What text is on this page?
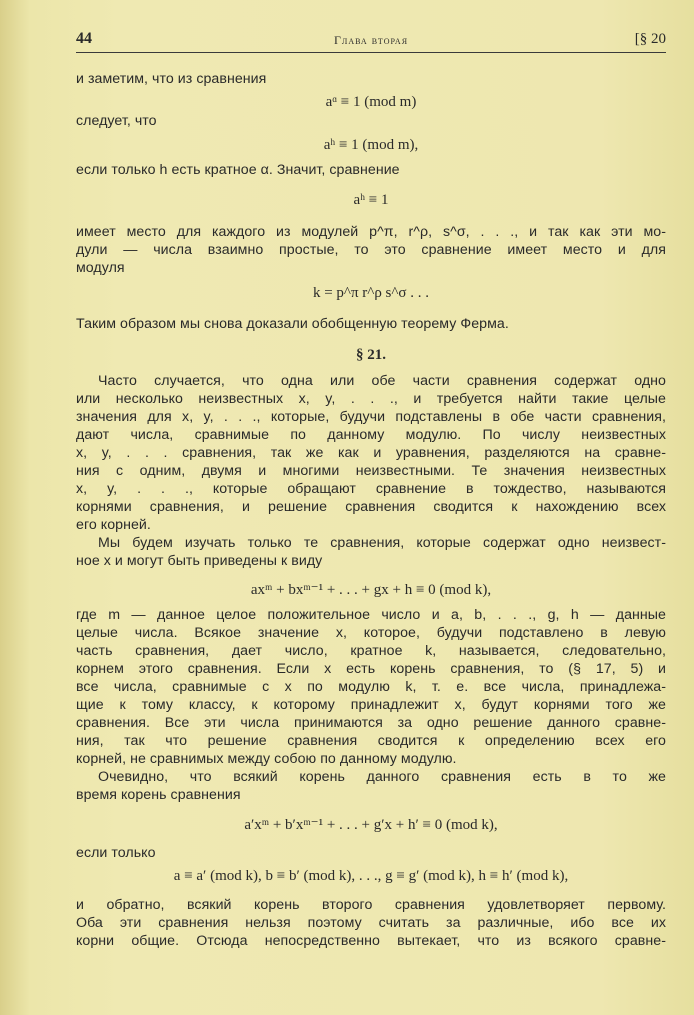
44	Глава вторая	[§ 20
и заметим, что из сравнения
aᵅ ≡ 1 (mod m)
следует, что
aʰ ≡ 1 (mod m),
если только h есть кратное α. Значит, сравнение
aʰ ≡ 1
имеет место для каждого из модулей p^π, r^ρ, s^σ, . . ., и так как эти мо-
дули — числа взаимно простые, то это сравнение имеет место и для
модуля
k = p^π r^ρ s^σ . . .
Таким образом мы снова доказали обобщенную теорему Ферма.
§ 21.
Часто случается, что одна или обе части сравнения содержат одно
или несколько неизвестных x, y, . . ., и требуется найти такие целые
значения для x, y, . . ., которые, будучи подставлены в обе части сравнения,
дают числа, сравнимые по данному модулю. По числу неизвестных
x, y, . . . сравнения, так же как и уравнения, разделяются на сравне-
ния с одним, двумя и многими неизвестными. Те значения неизвестных
x, y, . . ., которые обращают сравнение в тождество, называются
корнями сравнения, и решение сравнения сводится к нахождению всех
его корней.
Мы будем изучать только те сравнения, которые содержат одно неизвест-
ное x и могут быть приведены к виду
axᵐ + bxᵐ⁻¹ + . . . + gx + h ≡ 0 (mod k),
где m — данное целое положительное число и a, b, . . ., g, h — данные
целые числа. Всякое значение x, которое, будучи подставлено в левую
часть сравнения, дает число, кратное k, называется, следовательно,
корнем этого сравнения. Если x есть корень сравнения, то (§ 17, 5) и
все числа, сравнимые с x по модулю k, т. е. все числа, принадлежа-
щие к тому классу, к которому принадлежит x, будут корнями того же
сравнения. Все эти числа принимаются за одно решение данного сравне-
ния, так что решение сравнения сводится к определению всех его
корней, не сравнимых между собою по данному модулю.
Очевидно, что всякий корень данного сравнения есть в то же
время корень сравнения
a′xᵐ + b′xᵐ⁻¹ + . . . + g′x + h′ ≡ 0 (mod k),
если только
a ≡ a′ (mod k), b ≡ b′ (mod k), . . ., g ≡ g′ (mod k), h ≡ h′ (mod k),
и обратно, всякий корень второго сравнения удовлетворяет первому.
Оба эти сравнения нельзя поэтому считать за различные, ибо все их
корни общие. Отсюда непосредственно вытекает, что из всякого сравне-
